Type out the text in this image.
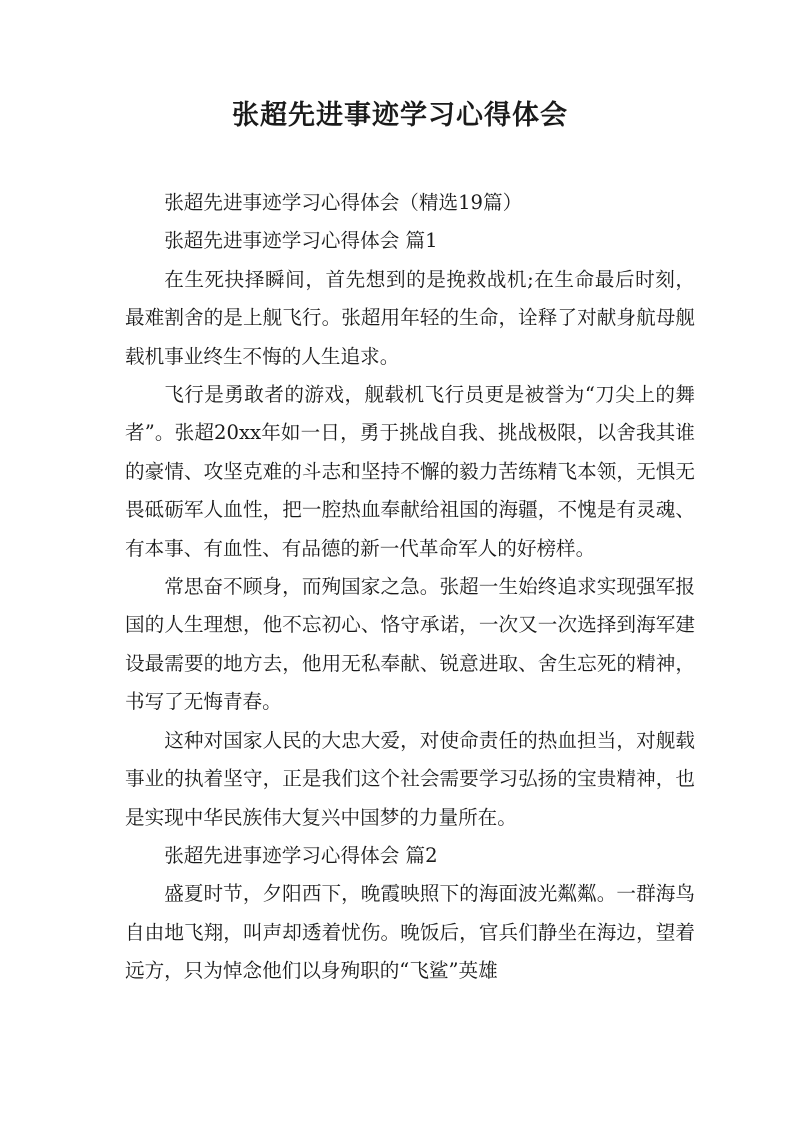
张超先进事迹学习心得体会

张超先进事迹学习心得体会（精选19篇）

张超先进事迹学习心得体会 篇1

在生死抉择瞬间，首先想到的是挽救战机;在生命最后时刻，最难割舍的是上舰飞行。张超用年轻的生命，诠释了对献身航母舰载机事业终生不悔的人生追求。

飞行是勇敢者的游戏，舰载机飞行员更是被誉为“刀尖上的舞者”。张超20xx年如一日，勇于挑战自我、挑战极限，以舍我其谁的豪情、攻坚克难的斗志和坚持不懈的毅力苦练精飞本领，无惧无畏砥砺军人血性，把一腔热血奉献给祖国的海疆，不愧是有灵魂、有本事、有血性、有品德的新一代革命军人的好榜样。

常思奋不顾身，而殉国家之急。张超一生始终追求实现强军报国的人生理想，他不忘初心、恪守承诺，一次又一次选择到海军建设最需要的地方去，他用无私奉献、锐意进取、舍生忘死的精神，书写了无悔青春。

这种对国家人民的大忠大爱，对使命责任的热血担当，对舰载事业的执着坚守，正是我们这个社会需要学习弘扬的宝贵精神，也是实现中华民族伟大复兴中国梦的力量所在。

张超先进事迹学习心得体会 篇2

盛夏时节，夕阳西下，晚霞映照下的海面波光粼粼。一群海鸟自由地飞翔，叫声却透着忧伤。晚饭后，官兵们静坐在海边，望着远方，只为悼念他们以身殉职的“飞鲨”英雄
